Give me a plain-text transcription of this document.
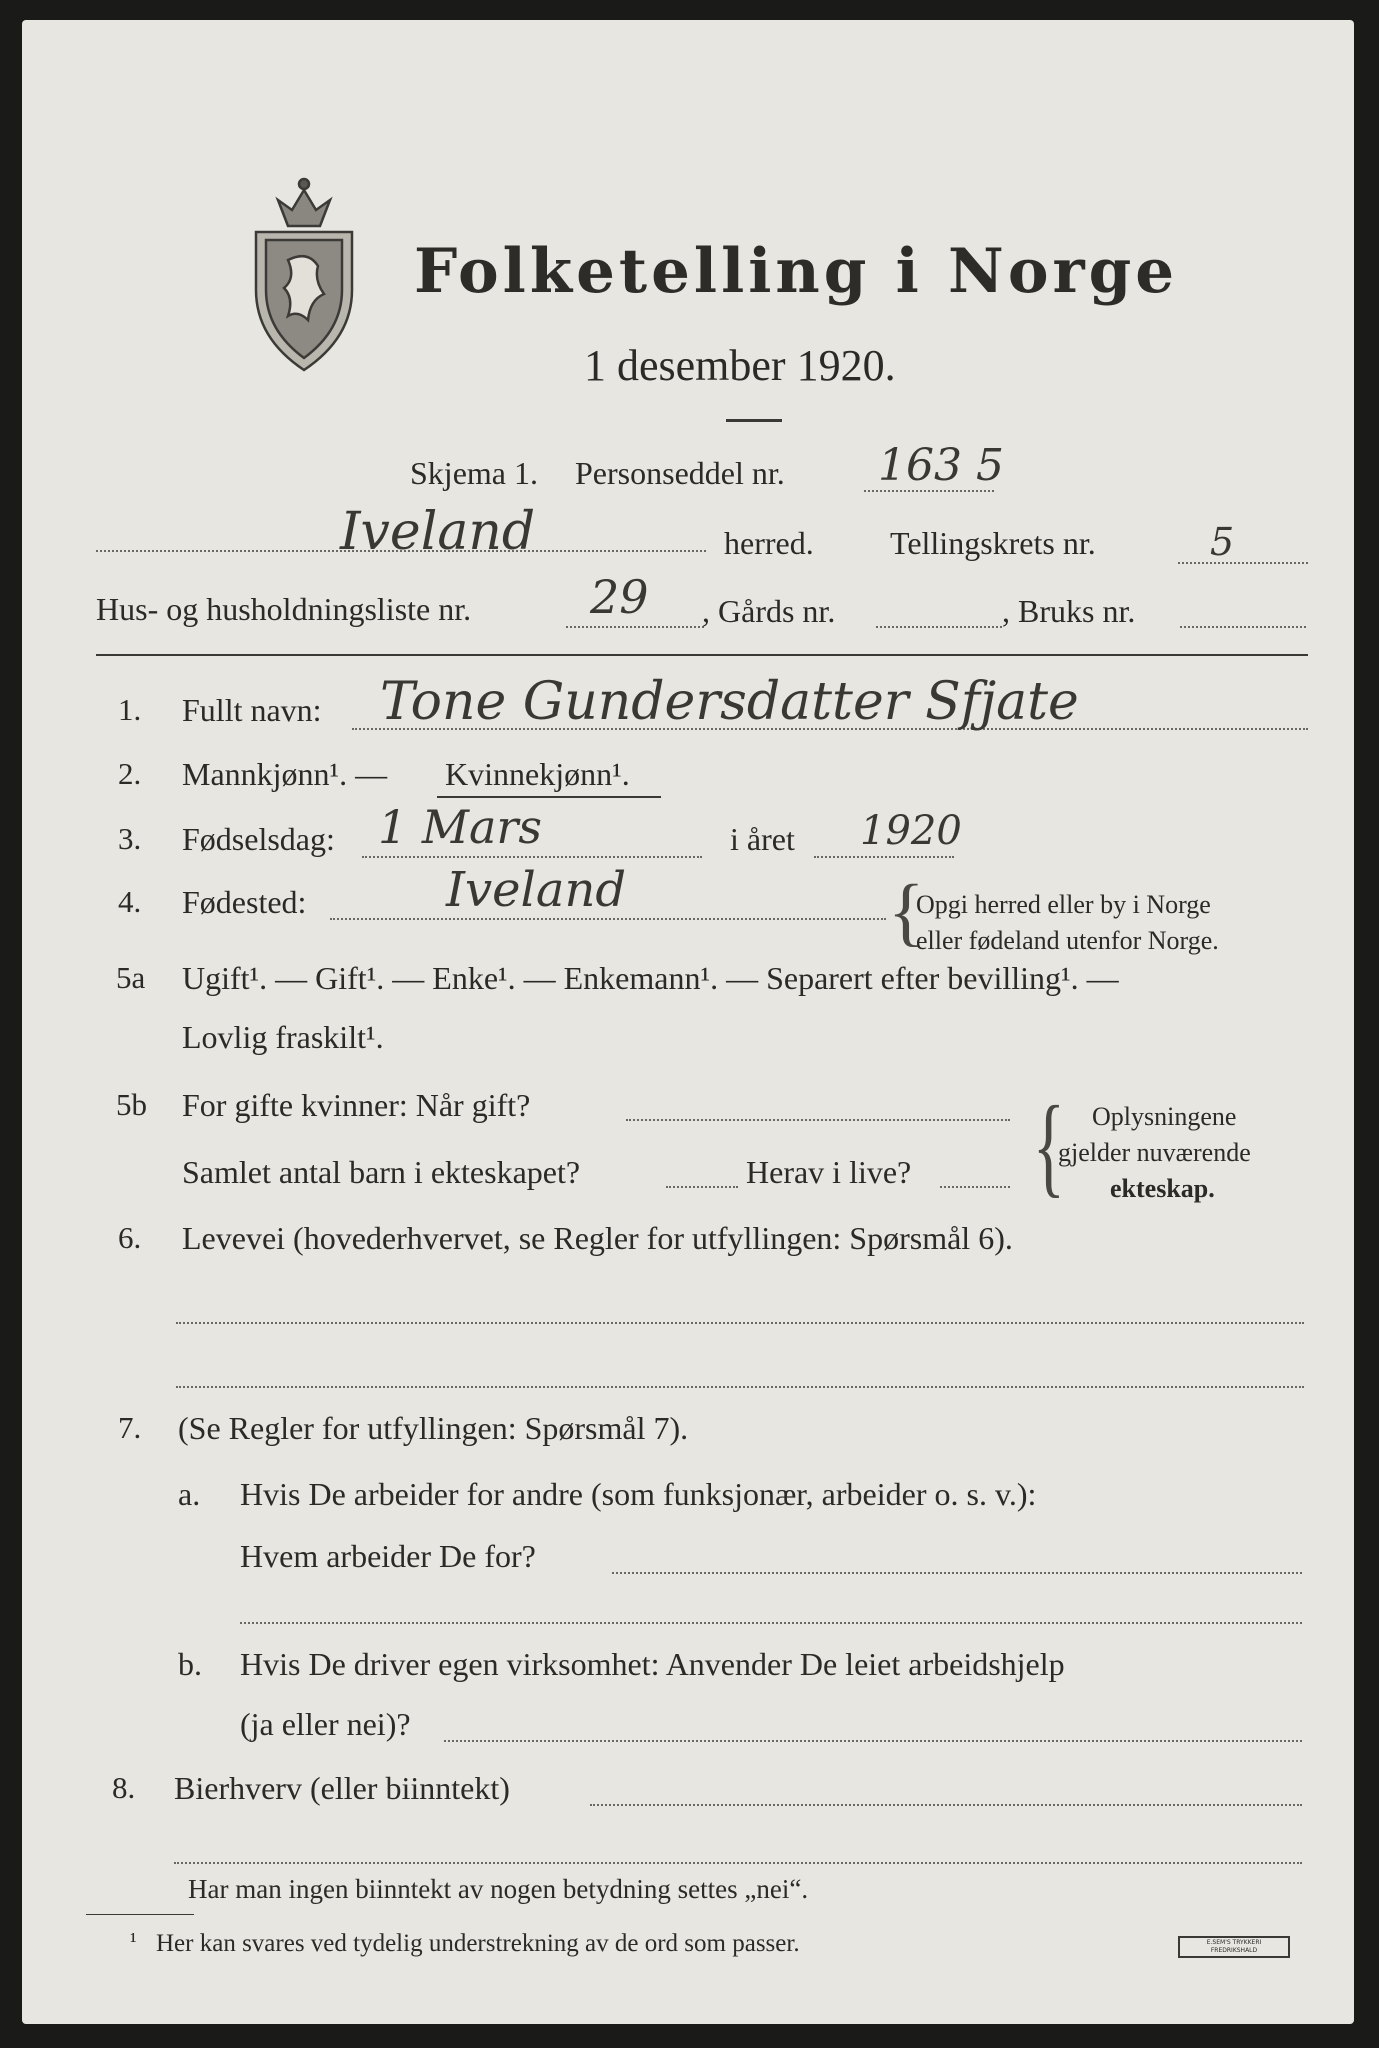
Folketelling i Norge
1 desember 1920.
Skjema 1. Personseddel nr. 163 5
Iveland	herred. Tellingskrets nr.	5
Hus- og husholdningsliste nr.	29 , Gårds nr.	, Bruks nr.
1. Fullt navn: Tone Gundersdatter Sfjate
2. Mannkjønn¹. — Kvinnekjønn¹.
3. Fødselsdag: 1 Mars	i året 1920
4. Fødested:	Iveland	{
Opgi herred eller by i Norge
eller fødeland utenfor Norge.
5a Ugift¹. — Gift¹. — Enke¹. — Enkemann¹. — Separert efter bevilling¹. —
Lovlig fraskilt¹.
5b For gifte kvinner: Når gift?
Samlet antal barn i ekteskapet?	Herav i live? { Oplysningene
gjelder nuværende
ekteskap.
6. Levevei (hovederhvervet, se Regler for utfyllingen: Spørsmål 6).
7. (Se Regler for utfyllingen: Spørsmål 7).
a. Hvis De arbeider for andre (som funksjonær, arbeider o. s. v.):
Hvem arbeider De for?
b. Hvis De driver egen virksomhet: Anvender De leiet arbeidshjelp
(ja eller nei)?
8. Bierhverv (eller biinntekt)
Har man ingen biinntekt av nogen betydning settes „nei“.
¹ Her kan svares ved tydelig understrekning av de ord som passer.	E.SEM'S TRYKKERI
FREDRIKSHALD
